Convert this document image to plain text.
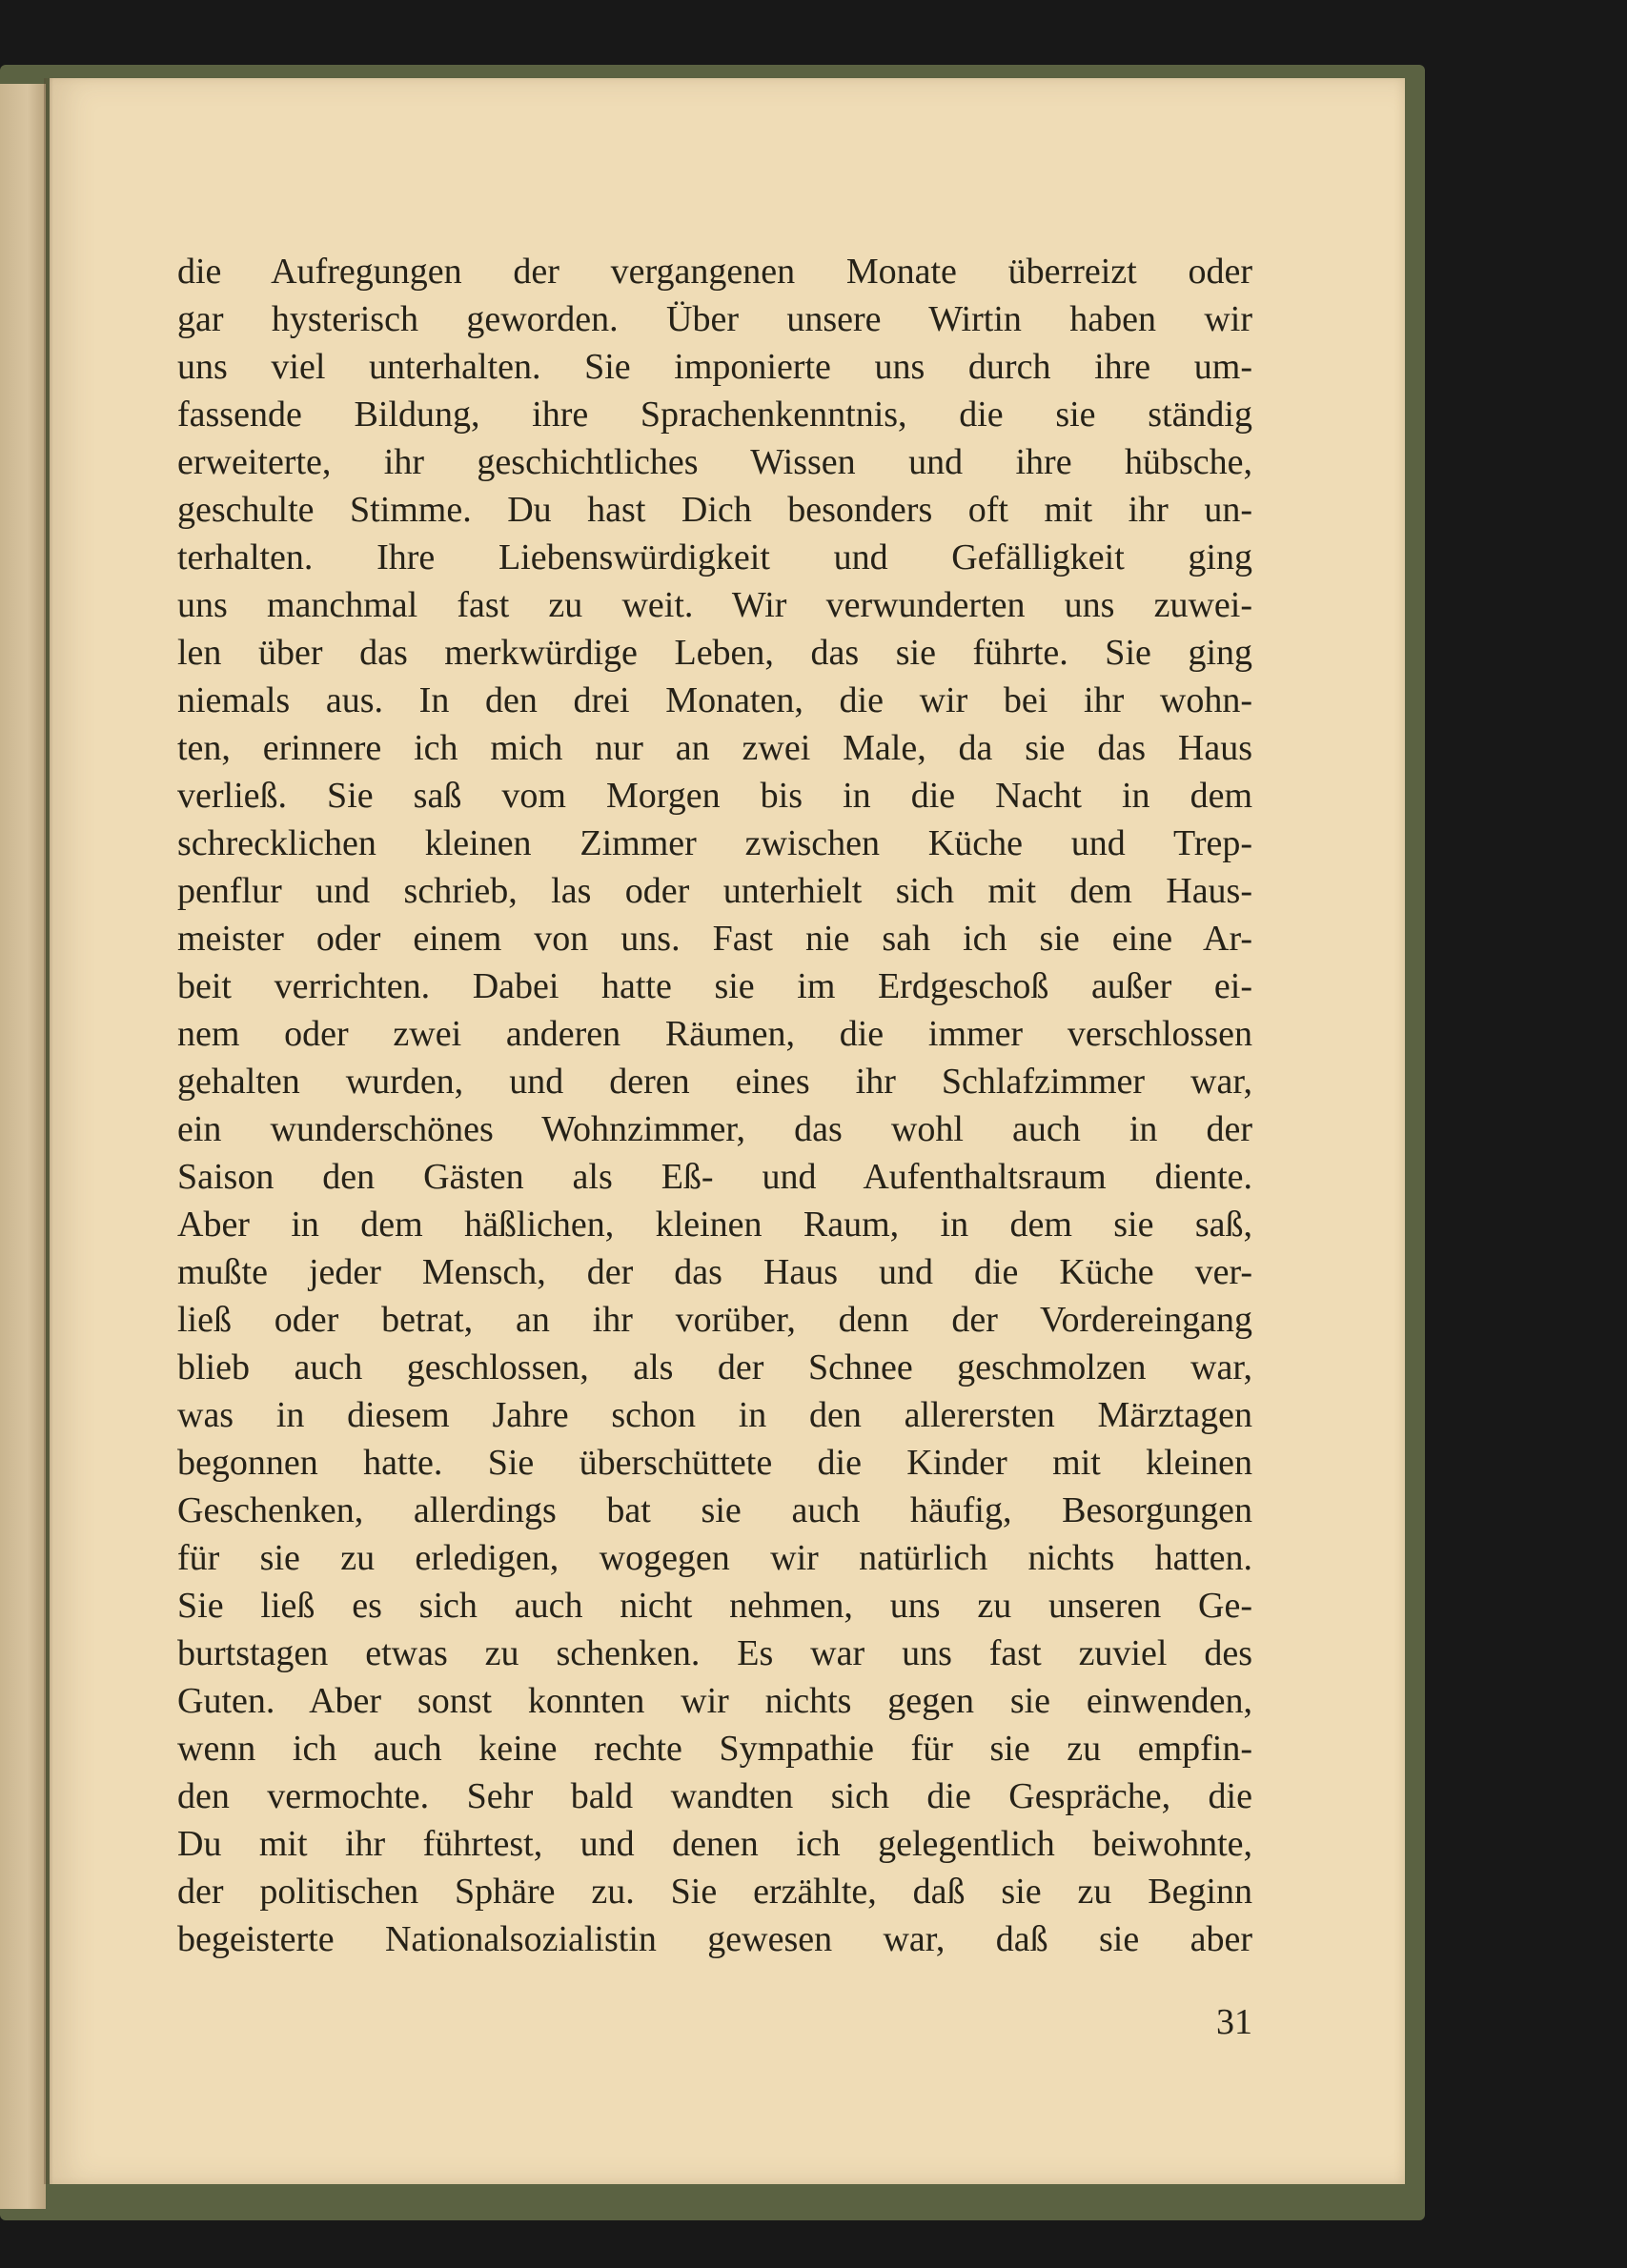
die Aufregungen der vergangenen Monate überreizt oder
gar hysterisch geworden. Über unsere Wirtin haben wir
uns viel unterhalten. Sie imponierte uns durch ihre um-
fassende Bildung, ihre Sprachenkenntnis, die sie ständig
erweiterte, ihr geschichtliches Wissen und ihre hübsche,
geschulte Stimme. Du hast Dich besonders oft mit ihr un-
terhalten. Ihre Liebenswürdigkeit und Gefälligkeit ging
uns manchmal fast zu weit. Wir verwunderten uns zuwei-
len über das merkwürdige Leben, das sie führte. Sie ging
niemals aus. In den drei Monaten, die wir bei ihr wohn-
ten, erinnere ich mich nur an zwei Male, da sie das Haus
verließ. Sie saß vom Morgen bis in die Nacht in dem
schrecklichen kleinen Zimmer zwischen Küche und Trep-
penflur und schrieb, las oder unterhielt sich mit dem Haus-
meister oder einem von uns. Fast nie sah ich sie eine Ar-
beit verrichten. Dabei hatte sie im Erdgeschoß außer ei-
nem oder zwei anderen Räumen, die immer verschlossen
gehalten wurden, und deren eines ihr Schlafzimmer war,
ein wunderschönes Wohnzimmer, das wohl auch in der
Saison den Gästen als Eß- und Aufenthaltsraum diente.
Aber in dem häßlichen, kleinen Raum, in dem sie saß,
mußte jeder Mensch, der das Haus und die Küche ver-
ließ oder betrat, an ihr vorüber, denn der Vordereingang
blieb auch geschlossen, als der Schnee geschmolzen war,
was in diesem Jahre schon in den allerersten Märztagen
begonnen hatte. Sie überschüttete die Kinder mit kleinen
Geschenken, allerdings bat sie auch häufig, Besorgungen
für sie zu erledigen, wogegen wir natürlich nichts hatten.
Sie ließ es sich auch nicht nehmen, uns zu unseren Ge-
burtstagen etwas zu schenken. Es war uns fast zuviel des
Guten. Aber sonst konnten wir nichts gegen sie einwenden,
wenn ich auch keine rechte Sympathie für sie zu empfin-
den vermochte. Sehr bald wandten sich die Gespräche, die
Du mit ihr führtest, und denen ich gelegentlich beiwohnte,
der politischen Sphäre zu. Sie erzählte, daß sie zu Beginn
begeisterte Nationalsozialistin gewesen war, daß sie aber
31
